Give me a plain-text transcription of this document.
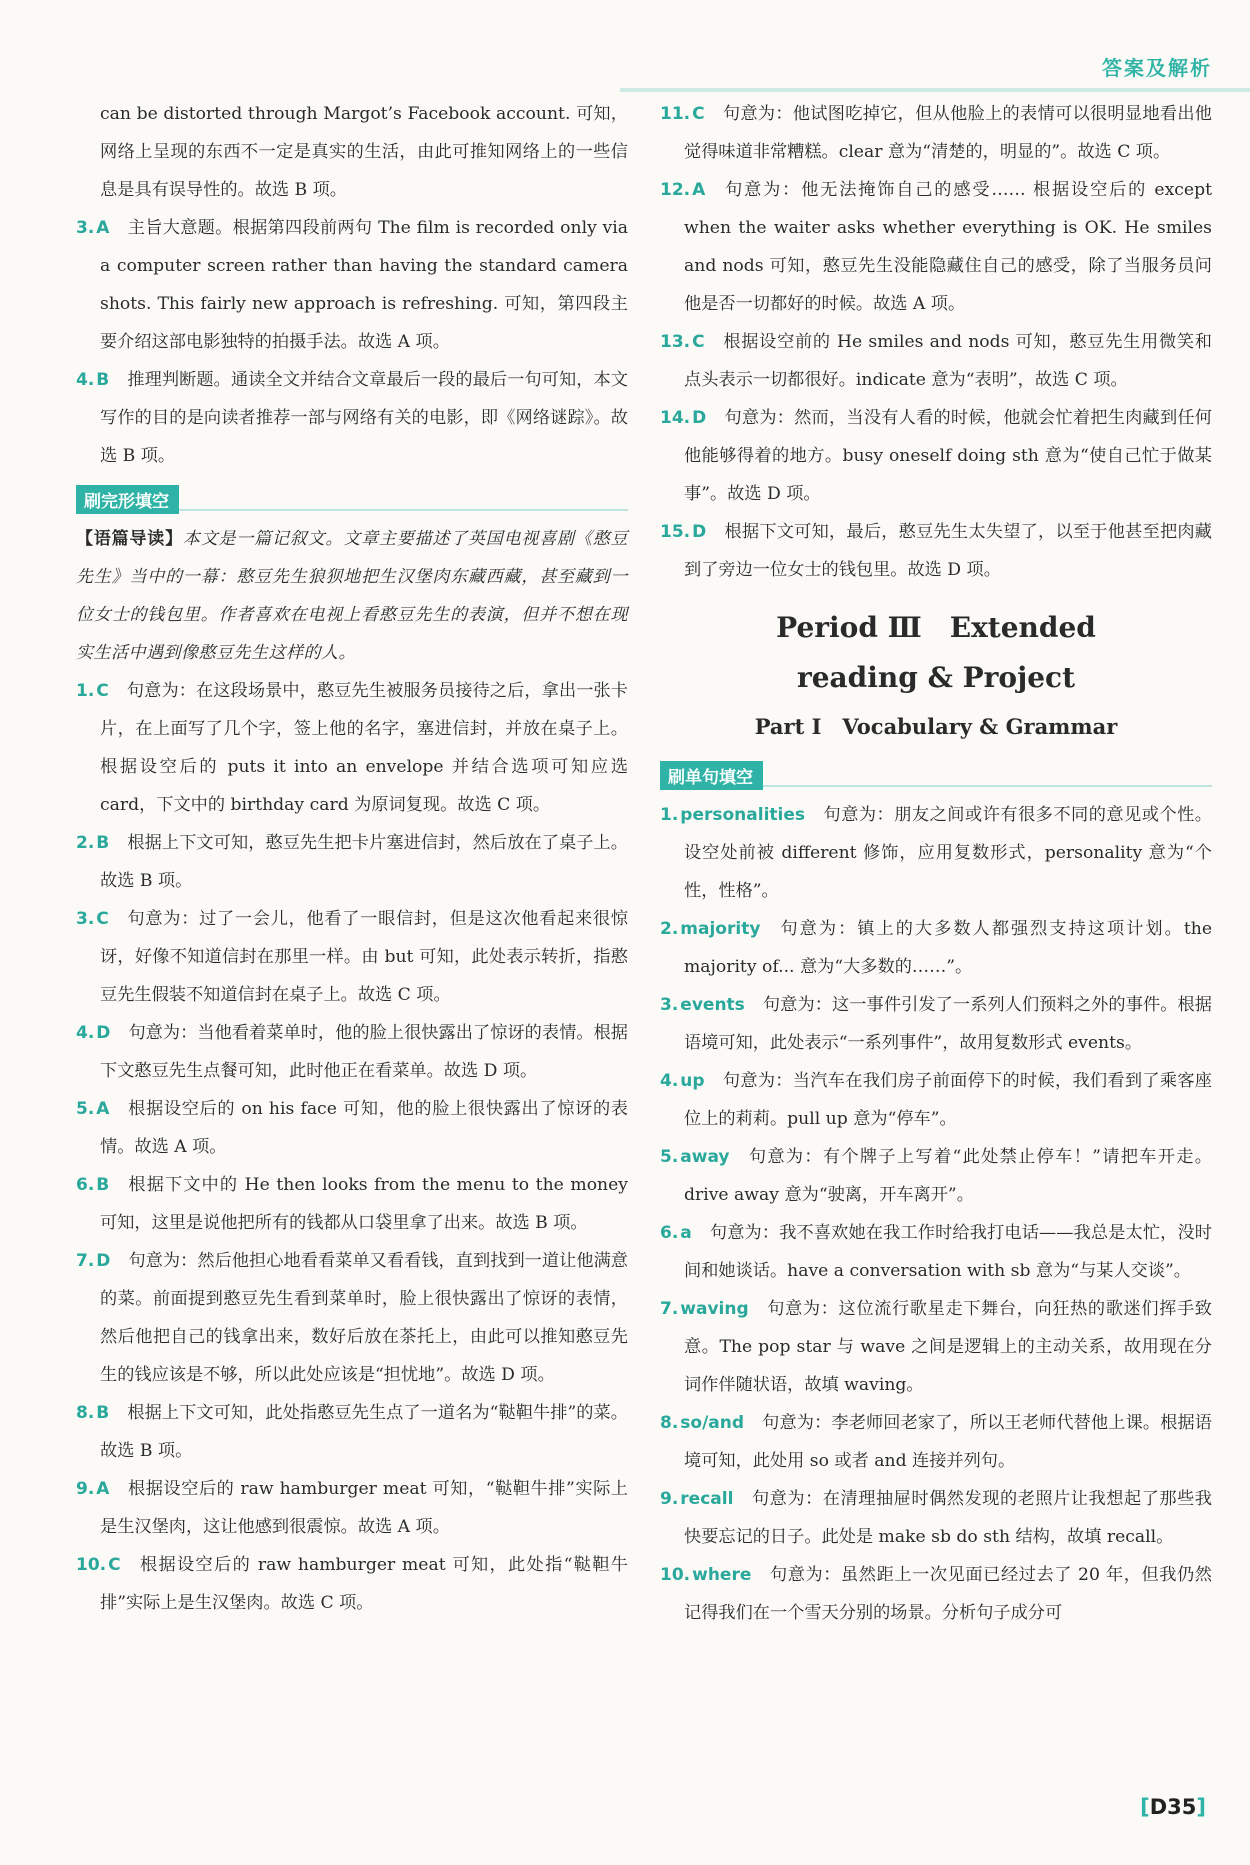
答案及解析

can be distorted through Margot’s Facebook account. 可知，网络上呈现的东西不一定是真实的生活，由此可推知网络上的一些信息是具有误导性的。故选 B 项。

3. A 主旨大意题。根据第四段前两句 The film is recorded only via a computer screen rather than having the standard camera shots. This fairly new approach is refreshing. 可知，第四段主要介绍这部电影独特的拍摄手法。故选 A 项。

4. B 推理判断题。通读全文并结合文章最后一段的最后一句可知，本文写作的目的是向读者推荐一部与网络有关的电影，即《网络谜踪》。故选 B 项。

刷完形填空

【语篇导读】本文是一篇记叙文。文章主要描述了英国电视喜剧《憨豆先生》当中的一幕：憨豆先生狼狈地把生汉堡肉东藏西藏，甚至藏到一位女士的钱包里。作者喜欢在电视上看憨豆先生的表演，但并不想在现实生活中遇到像憨豆先生这样的人。

1. C 句意为：在这段场景中，憨豆先生被服务员接待之后，拿出一张卡片，在上面写了几个字，签上他的名字，塞进信封，并放在桌子上。根据设空后的 puts it into an envelope 并结合选项可知应选 card，下文中的 birthday card 为原词复现。故选 C 项。

2. B 根据上下文可知，憨豆先生把卡片塞进信封，然后放在了桌子上。故选 B 项。

3. C 句意为：过了一会儿，他看了一眼信封，但是这次他看起来很惊讶，好像不知道信封在那里一样。由 but 可知，此处表示转折，指憨豆先生假装不知道信封在桌子上。故选 C 项。

4. D 句意为：当他看着菜单时，他的脸上很快露出了惊讶的表情。根据下文憨豆先生点餐可知，此时他正在看菜单。故选 D 项。

5. A 根据设空后的 on his face 可知，他的脸上很快露出了惊讶的表情。故选 A 项。

6. B 根据下文中的 He then looks from the menu to the money 可知，这里是说他把所有的钱都从口袋里拿了出来。故选 B 项。

7. D 句意为：然后他担心地看看菜单又看看钱，直到找到一道让他满意的菜。前面提到憨豆先生看到菜单时，脸上很快露出了惊讶的表情，然后他把自己的钱拿出来，数好后放在茶托上，由此可以推知憨豆先生的钱应该是不够，所以此处应该是“担忧地”。故选 D 项。

8. B 根据上下文可知，此处指憨豆先生点了一道名为“鞑靼牛排”的菜。故选 B 项。

9. A 根据设空后的 raw hamburger meat 可知，“鞑靼牛排”实际上是生汉堡肉，这让他感到很震惊。故选 A 项。

10. C 根据设空后的 raw hamburger meat 可知，此处指“鞑靼牛排”实际上是生汉堡肉。故选 C 项。

11. C 句意为：他试图吃掉它，但从他脸上的表情可以很明显地看出他觉得味道非常糟糕。clear 意为“清楚的，明显的”。故选 C 项。

12. A 句意为：他无法掩饰自己的感受…… 根据设空后的 except when the waiter asks whether everything is OK. He smiles and nods 可知，憨豆先生没能隐藏住自己的感受，除了当服务员问他是否一切都好的时候。故选 A 项。

13. C 根据设空前的 He smiles and nods 可知，憨豆先生用微笑和点头表示一切都很好。indicate 意为“表明”，故选 C 项。

14. D 句意为：然而，当没有人看的时候，他就会忙着把生肉藏到任何他能够得着的地方。busy oneself doing sth 意为“使自己忙于做某事”。故选 D 项。

15. D 根据下文可知，最后，憨豆先生太失望了，以至于他甚至把肉藏到了旁边一位女士的钱包里。故选 D 项。

Period Ⅲ　Extended
reading & Project
Part Ⅰ　Vocabulary & Grammar
刷单句填空

1. personalities 句意为：朋友之间或许有很多不同的意见或个性。设空处前被 different 修饰，应用复数形式，personality 意为“个性，性格”。

2. majority 句意为：镇上的大多数人都强烈支持这项计划。the majority of... 意为“大多数的……”。

3. events 句意为：这一事件引发了一系列人们预料之外的事件。根据语境可知，此处表示“一系列事件”，故用复数形式 events。

4. up 句意为：当汽车在我们房子前面停下的时候，我们看到了乘客座位上的莉莉。pull up 意为“停车”。

5. away 句意为：有个牌子上写着“此处禁止停车！”请把车开走。drive away 意为“驶离，开车离开”。

6. a 句意为：我不喜欢她在我工作时给我打电话——我总是太忙，没时间和她谈话。have a conversation with sb 意为“与某人交谈”。

7. waving 句意为：这位流行歌星走下舞台，向狂热的歌迷们挥手致意。The pop star 与 wave 之间是逻辑上的主动关系，故用现在分词作伴随状语，故填 waving。

8. so/and 句意为：李老师回老家了，所以王老师代替他上课。根据语境可知，此处用 so 或者 and 连接并列句。

9. recall 句意为：在清理抽屉时偶然发现的老照片让我想起了那些我快要忘记的日子。此处是 make sb do sth 结构，故填 recall。

10. where 句意为：虽然距上一次见面已经过去了 20 年，但我仍然记得我们在一个雪天分别的场景。分析句子成分可

[D35]
